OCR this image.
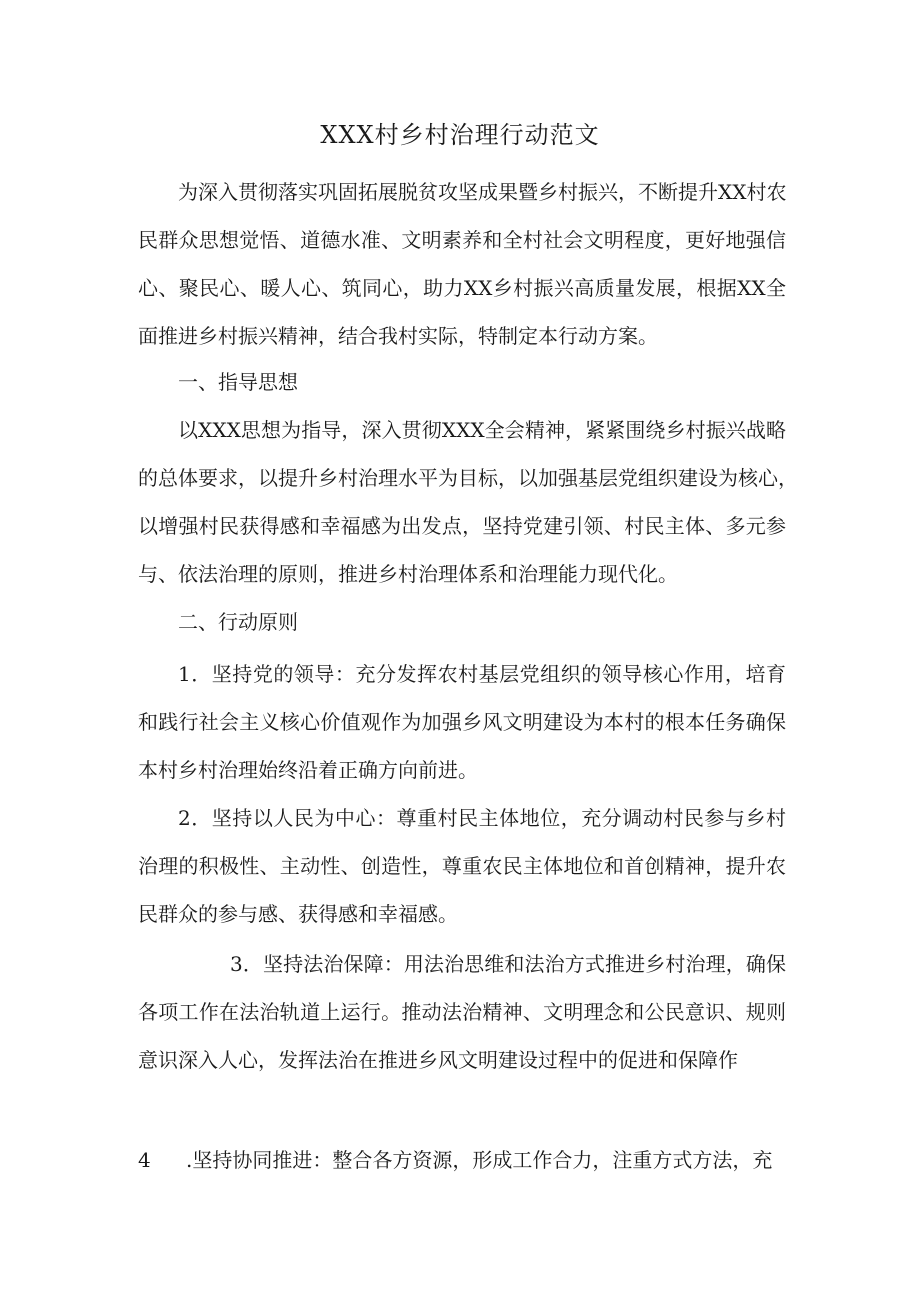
XXX村乡村治理行动范文
为深入贯彻落实巩固拓展脱贫攻坚成果暨乡村振兴，不断提升XX村农
民群众思想觉悟、道德水准、文明素养和全村社会文明程度，更好地强信
心、聚民心、暖人心、筑同心，助力XX乡村振兴高质量发展，根据XX全
面推进乡村振兴精神，结合我村实际，特制定本行动方案。
一、指导思想
以XXX思想为指导，深入贯彻XXX全会精神，紧紧围绕乡村振兴战略
的总体要求，以提升乡村治理水平为目标，以加强基层党组织建设为核心，
以增强村民获得感和幸福感为出发点，坚持党建引领、村民主体、多元参
与、依法治理的原则，推进乡村治理体系和治理能力现代化。
二、行动原则
1．坚持党的领导：充分发挥农村基层党组织的领导核心作用，培育
和践行社会主义核心价值观作为加强乡风文明建设为本村的根本任务确保
本村乡村治理始终沿着正确方向前进。
2．坚持以人民为中心：尊重村民主体地位，充分调动村民参与乡村
治理的积极性、主动性、创造性，尊重农民主体地位和首创精神，提升农
民群众的参与感、获得感和幸福感。
3．坚持法治保障：用法治思维和法治方式推进乡村治理，确保
各项工作在法治轨道上运行。推动法治精神、文明理念和公民意识、规则
意识深入人心，发挥法治在推进乡风文明建设过程中的促进和保障作
4 .坚持协同推进：整合各方资源，形成工作合力，注重方式方法，充
